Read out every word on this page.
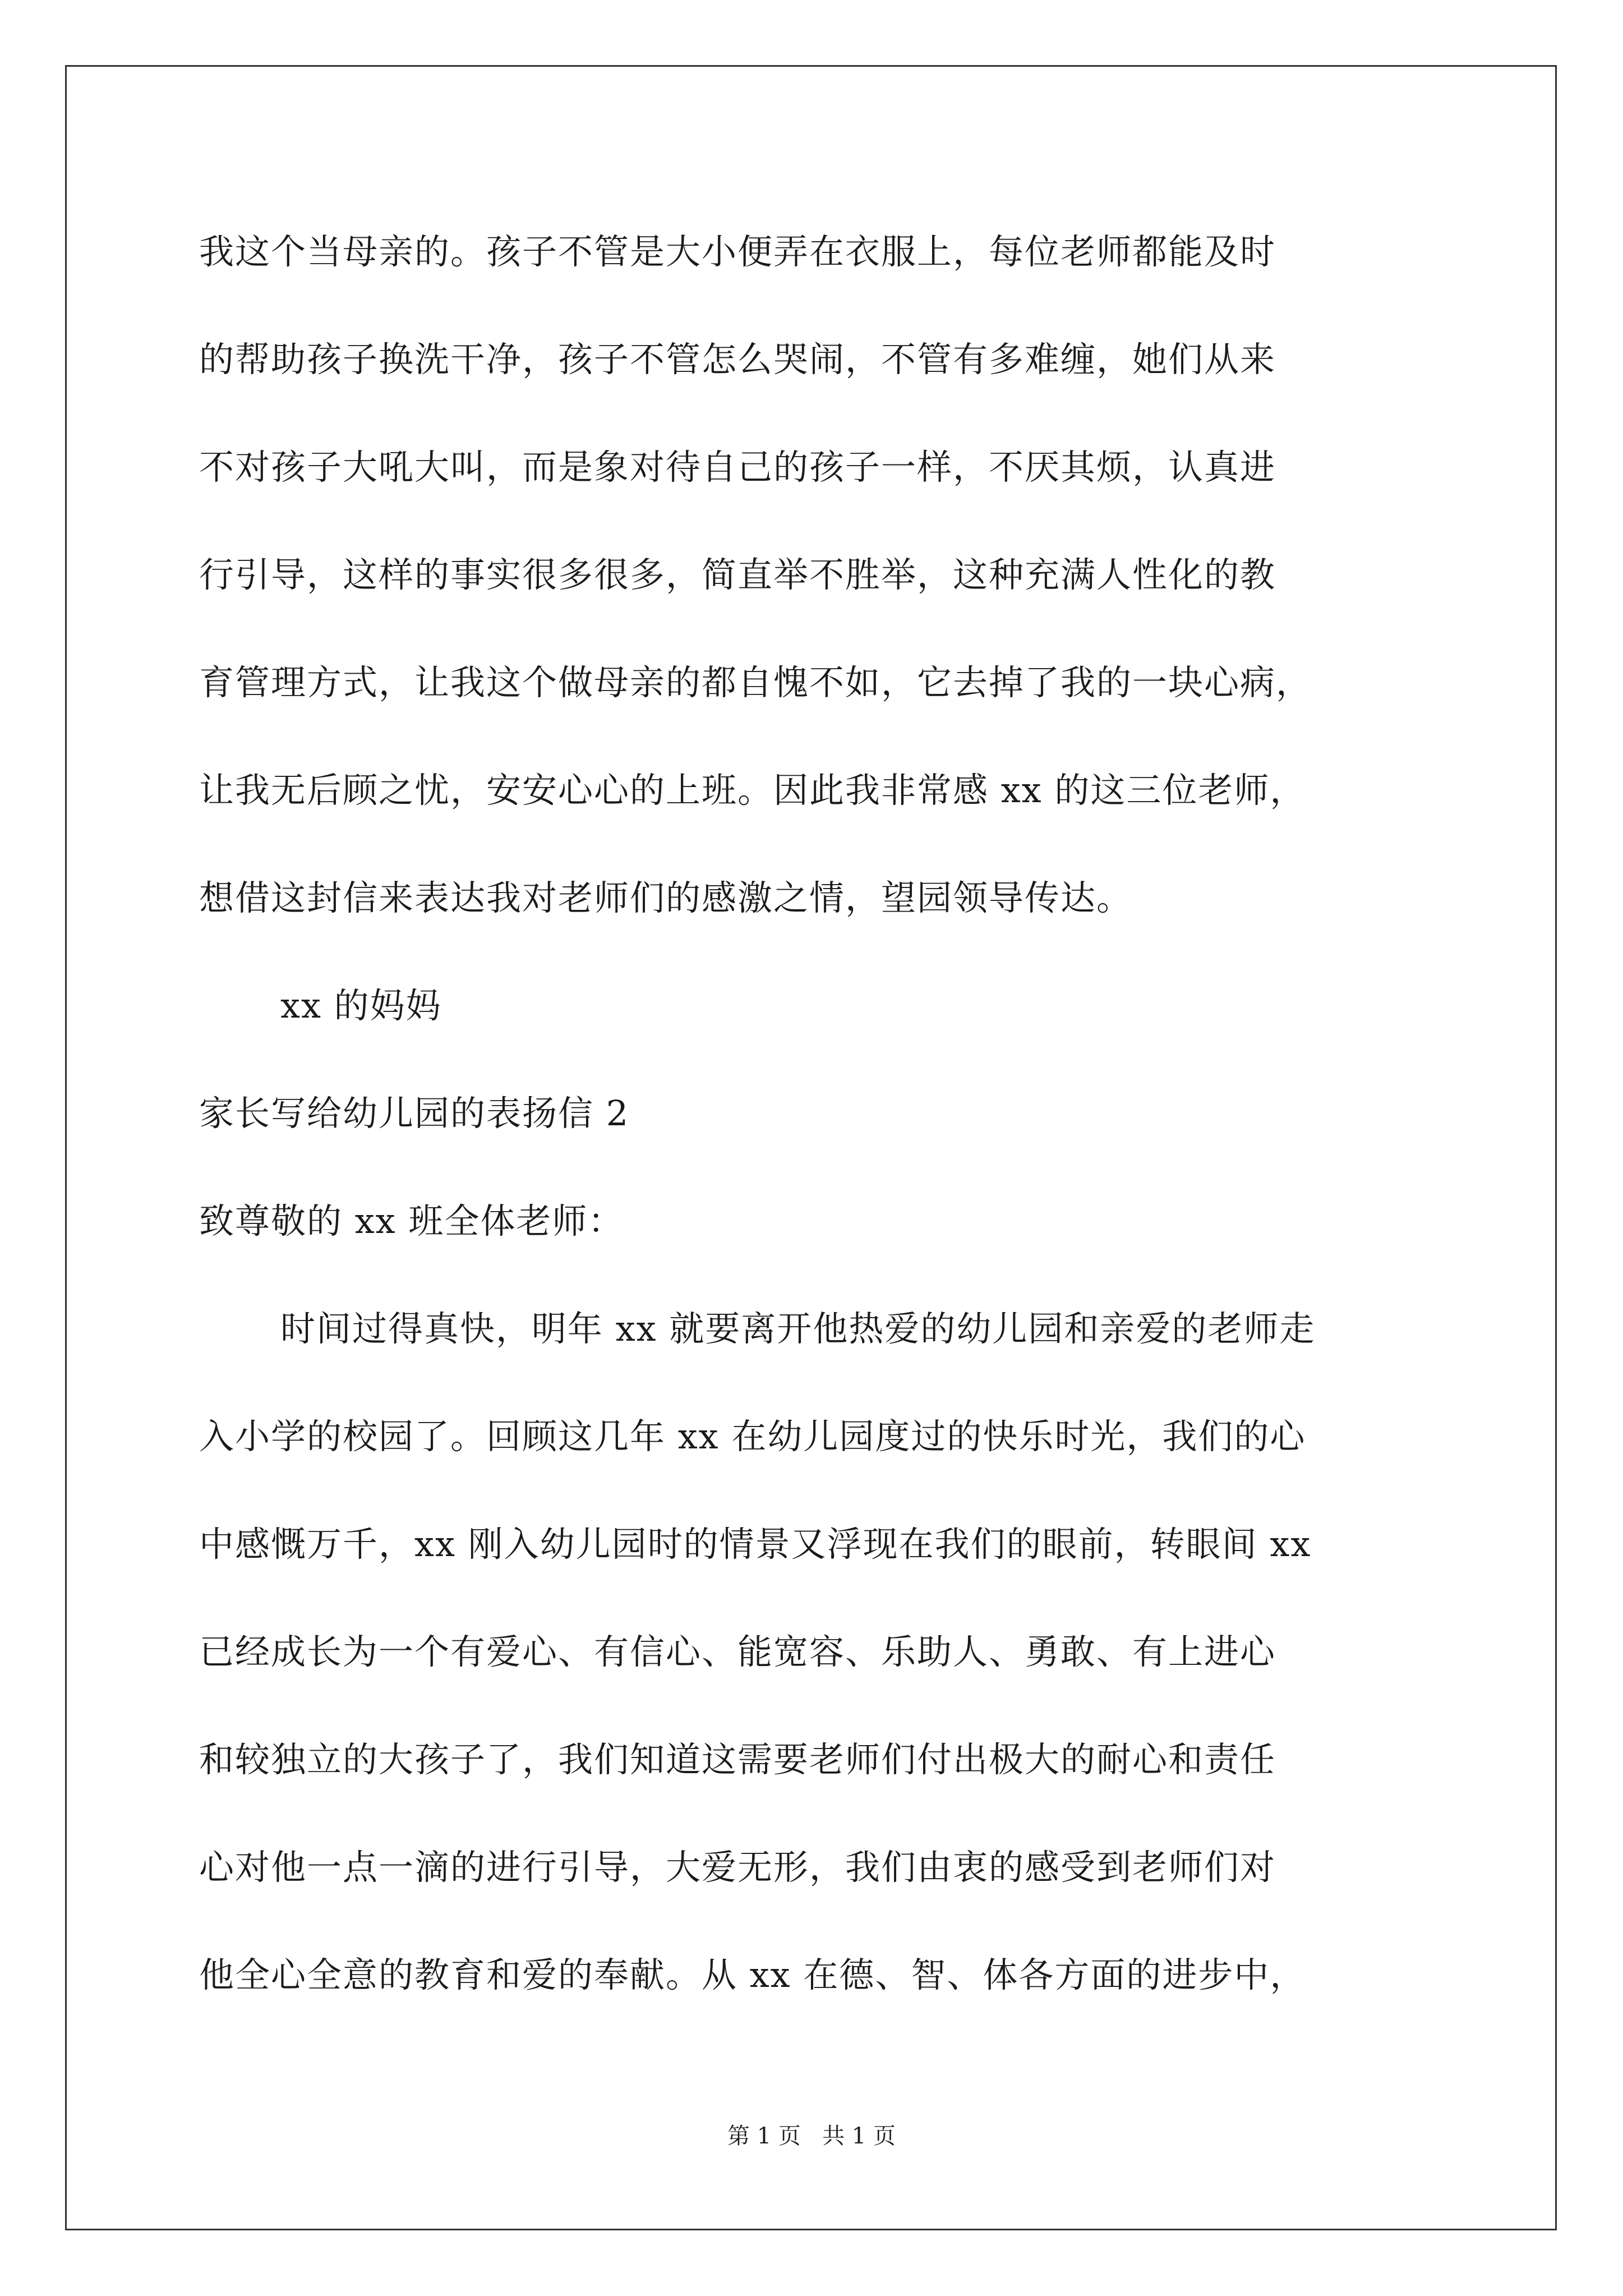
我这个当母亲的。孩子不管是大小便弄在衣服上，每位老师都能及时
的帮助孩子换洗干净，孩子不管怎么哭闹，不管有多难缠，她们从来
不对孩子大吼大叫，而是象对待自己的孩子一样，不厌其烦，认真进
行引导，这样的事实很多很多，简直举不胜举，这种充满人性化的教
育管理方式，让我这个做母亲的都自愧不如，它去掉了我的一块心病，
让我无后顾之忧，安安心心的上班。因此我非常感 xx 的这三位老师，
想借这封信来表达我对老师们的感激之情，望园领导传达。
xx 的妈妈
家长写给幼儿园的表扬信 2
致尊敬的 xx 班全体老师：
时间过得真快，明年 xx 就要离开他热爱的幼儿园和亲爱的老师走
入小学的校园了。回顾这几年 xx 在幼儿园度过的快乐时光，我们的心
中感慨万千，xx 刚入幼儿园时的情景又浮现在我们的眼前，转眼间 xx
已经成长为一个有爱心、有信心、能宽容、乐助人、勇敢、有上进心
和较独立的大孩子了，我们知道这需要老师们付出极大的耐心和责任
心对他一点一滴的进行引导，大爱无形，我们由衷的感受到老师们对
他全心全意的教育和爱的奉献。从 xx 在德、智、体各方面的进步中，
第 1 页   共 1 页
